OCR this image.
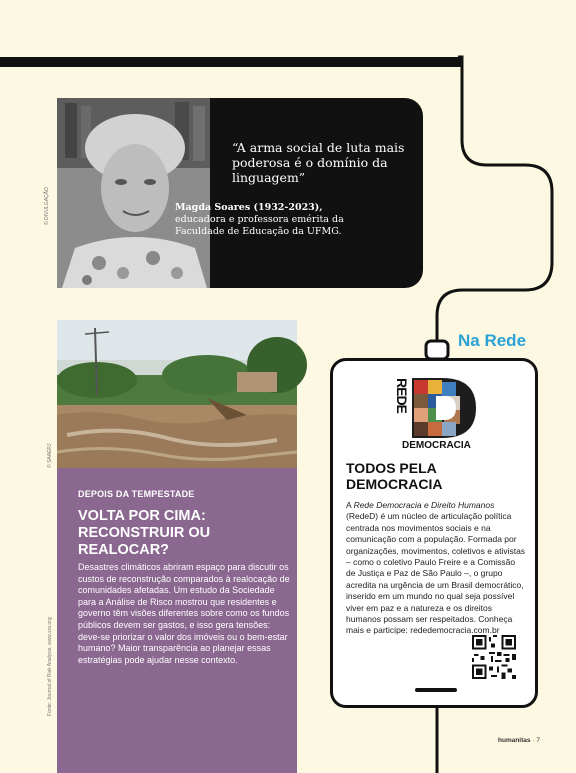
“A arma social de luta mais poderosa é o domínio da linguagem”
© DIVULGAÇÃO	Magda Soares (1932-2023),
educadora e professora emérita da Faculdade de Educação da UFMG.
© SAAERJ
Fonte: Journal of Risk Analysis, www.sra.org
DEPOIS DA TEMPESTADE
VOLTA POR CIMA: RECONSTRUIR OU REALOCAR?
Desastres climáticos abriram espaço para discutir os custos de reconstrução comparados à realocação de comunidades afetadas. Um estudo da Sociedade para a Análise de Risco mostrou que residentes e governo têm visões diferentes sobre como os fundos públicos devem ser gastos, e isso gera tensões: deve-se priorizar o valor dos imóveis ou o bem-estar humano? Maior transparência ao planejar essas estratégias pode ajudar nesse contexto.
Na Rede
REDE
DEMOCRACIA
TODOS PELA DEMOCRACIA
A Rede Democracia e Direito Humanos (RedeD) é um núcleo de articulação política centrada nos movimentos sociais e na comunicação com a população. Formada por organizações, movimentos, coletivos e ativistas – como o coletivo Paulo Freire e a Comissão de Justiça e Paz de São Paulo –, o grupo acredita na urgência de um Brasil democrático, inserido em um mundo no qual seja possível viver em paz e a natureza e os direitos humanos possam ser respeitados. Conheça mais e participe: rededemocracia.com.br
humanitas · 7
